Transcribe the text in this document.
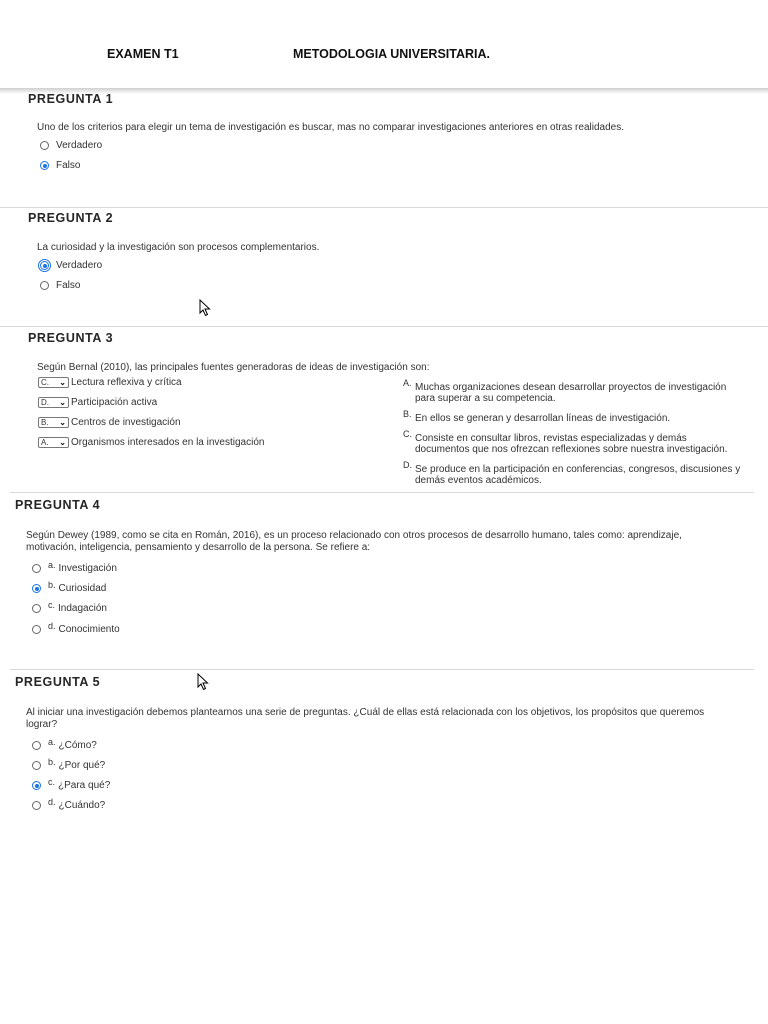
EXAMEN T1	METODOLOGIA UNIVERSITARIA.
PREGUNTA 1
Uno de los criterios para elegir un tema de investigación es buscar, mas no comparar investigaciones anteriores en otras realidades.
Verdadero
Falso
PREGUNTA 2
La curiosidad y la investigación son procesos complementarios.
Verdadero
Falso
PREGUNTA 3
Según Bernal (2010), las principales fuentes generadoras de ideas de investigación son:
C. ⌄ Lectura reflexiva y crítica
D. ⌄ Participación activa
B. ⌄ Centros de investigación
A. ⌄ Organismos interesados en la investigación
A. Muchas organizaciones desean desarrollar proyectos de investigación
para superar a su competencia.
B. En ellos se generan y desarrollan líneas de investigación.
C. Consiste en consultar libros, revistas especializadas y demás
documentos que nos ofrezcan reflexiones sobre nuestra investigación.
D. Se produce en la participación en conferencias, congresos, discusiones y
demás eventos académicos.
PREGUNTA 4
Según Dewey (1989, como se cita en Román, 2016), es un proceso relacionado con otros procesos de desarrollo humano, tales como: aprendizaje,
motivación, inteligencia, pensamiento y desarrollo de la persona. Se refiere a:
a. Investigación
b. Curiosidad
c. Indagación
d. Conocimiento
PREGUNTA 5
Al iniciar una investigación debemos plantearnos una serie de preguntas. ¿Cuál de ellas está relacionada con los objetivos, los propósitos que queremos
lograr?
a. ¿Cómo?
b. ¿Por qué?
c. ¿Para qué?
d. ¿Cuándo?
